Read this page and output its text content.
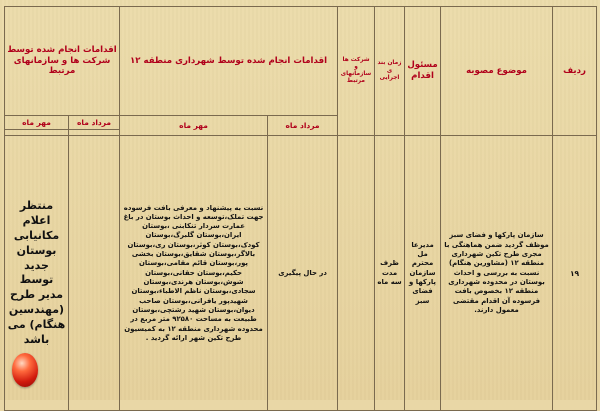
ردیف	موضوع مصوبه	مسئول اقدام	زمان بند ی اجرایی	شرکت ها و سازمانهای مرتبط	اقدامات انجام شده توسط شهرداری منطقه ۱۲		اقدامات انجام شده توسط شرکت ها و سازمانهای مرتبط	
					مرداد ماه	مهر ماه	مرداد ماه	مهر ماه

۱۹	سازمان پارکها و فضای سبز موظف گردید ضمن هماهنگی با مجری طرح تکین شهرداری منطقه ۱۲ (مشاورین هنگام) نسبت به بررسی و احداث بوستان در محدوده شهرداری منطقه ۱۲ بخصوص بافت فرسوده آن اقدام مقتضی معمول دارند.	مدیرعا مل محترم سازمان پارکها و فضای سبز	ظرف مدت سه ماه		در حال پیگیری	نسبت به پیشنهاد و معرفی بافت فرسوده جهت تملک،توسعه و احداث بوستان در باغ عمارت سردار تنکابنی ،بوستان ایران،بوستان گلبرگ،بوستان کودک،بوستان کوثر،بوستان ری،بوستان بالاگر،بوستان شقایق،بوستان بخشی پور،بوستان قائم مقامی،بوستان حکیم،بوستان حقانی،بوستان شوش،بوستان هرندی،بوستان سجادی،بوستان ناظم الاطباء،بوستان شهیدپور یافرانی،بوستان صاحب دیوان،بوستان شهید رشتچی،بوستان طبیعت به مساحت ۹۲۵۸۰ متر مربع در محدوده شهرداری منطقه ۱۲ به کمیسیون طرح تکین شهر ارائه گردید .		منتظر اعلام مکانیابی بوستان جدید توسط مدیر طرح (مهندسین هنگام) می باشد
